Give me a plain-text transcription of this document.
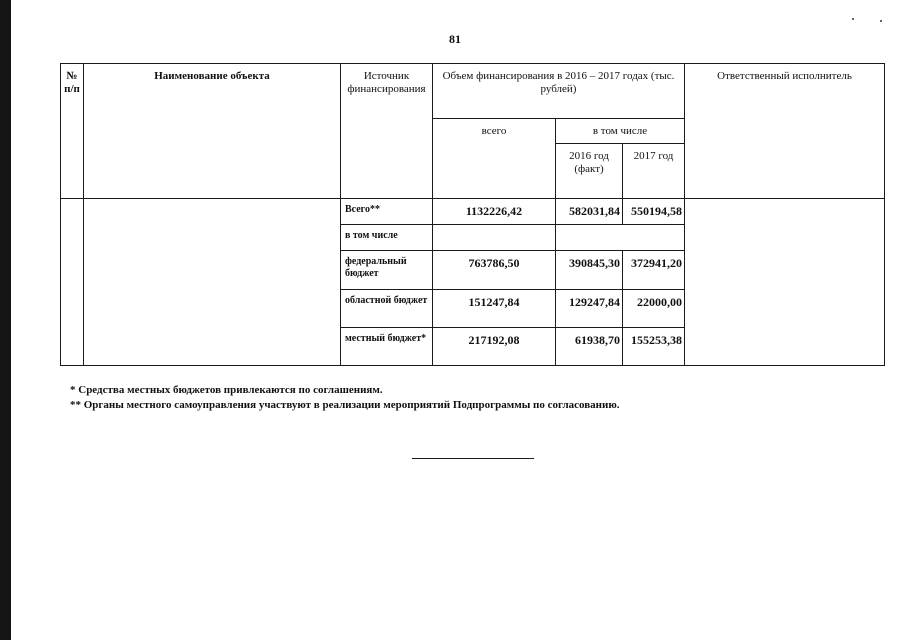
81
№ п/п	Наименование объекта	Источник финансирования	Объем финансирования в 2016 – 2017 годах (тыс. рублей)			Ответственный исполнитель
			всего	в том числе		
				2016 год (факт)	2017 год	
		Всего**	1132226,42	582031,84	550194,58	
		в том числе				
		федеральный бюджет	763786,50	390845,30	372941,20	
		областной бюджет	151247,84	129247,84	22000,00	
		местный бюджет*	217192,08	61938,70	155253,38	

* Средства местных бюджетов привлекаются по соглашениям.

** Органы местного самоуправления участвуют в реализации мероприятий Подпрограммы по согласованию.
